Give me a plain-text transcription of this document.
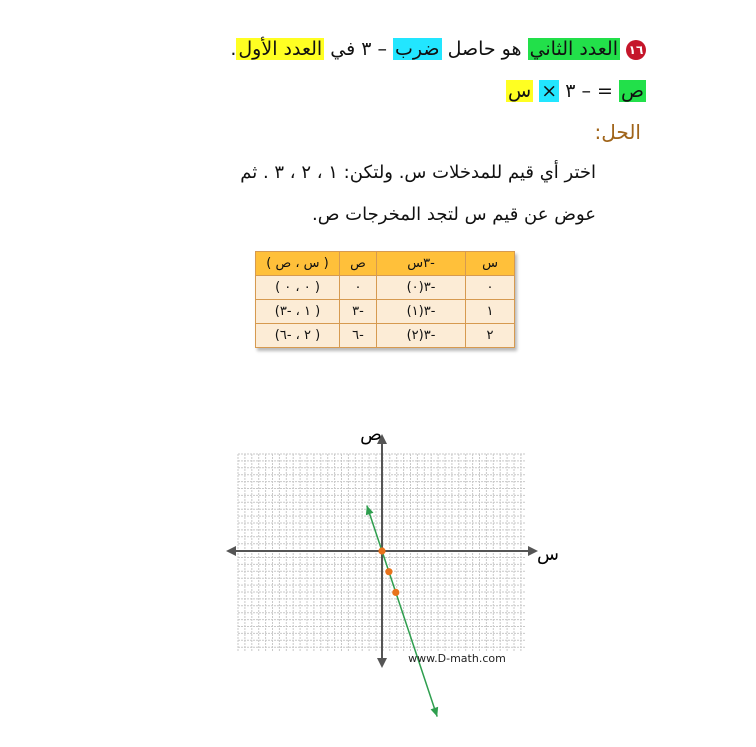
١٦العدد الثاني هو حاصل ضرب – ٣ في العدد الأول.
ص = – ٣ × س
الحل:
اختر أي قيم للمدخلات س. ولتكن: ١ ، ٢ ، ٣ . ثم
عوض عن قيم س لتجد المخرجات ص.
س	-٣س	ص	( س ، ص )
٠	-٣(٠)	٠	( ٠ ، ٠ )
١	-٣(١)	-٣	( ١ ، -٣)
٢	-٣(٢)	-٦	( ٢ ، -٦)
س
ص
www.D-math.com
